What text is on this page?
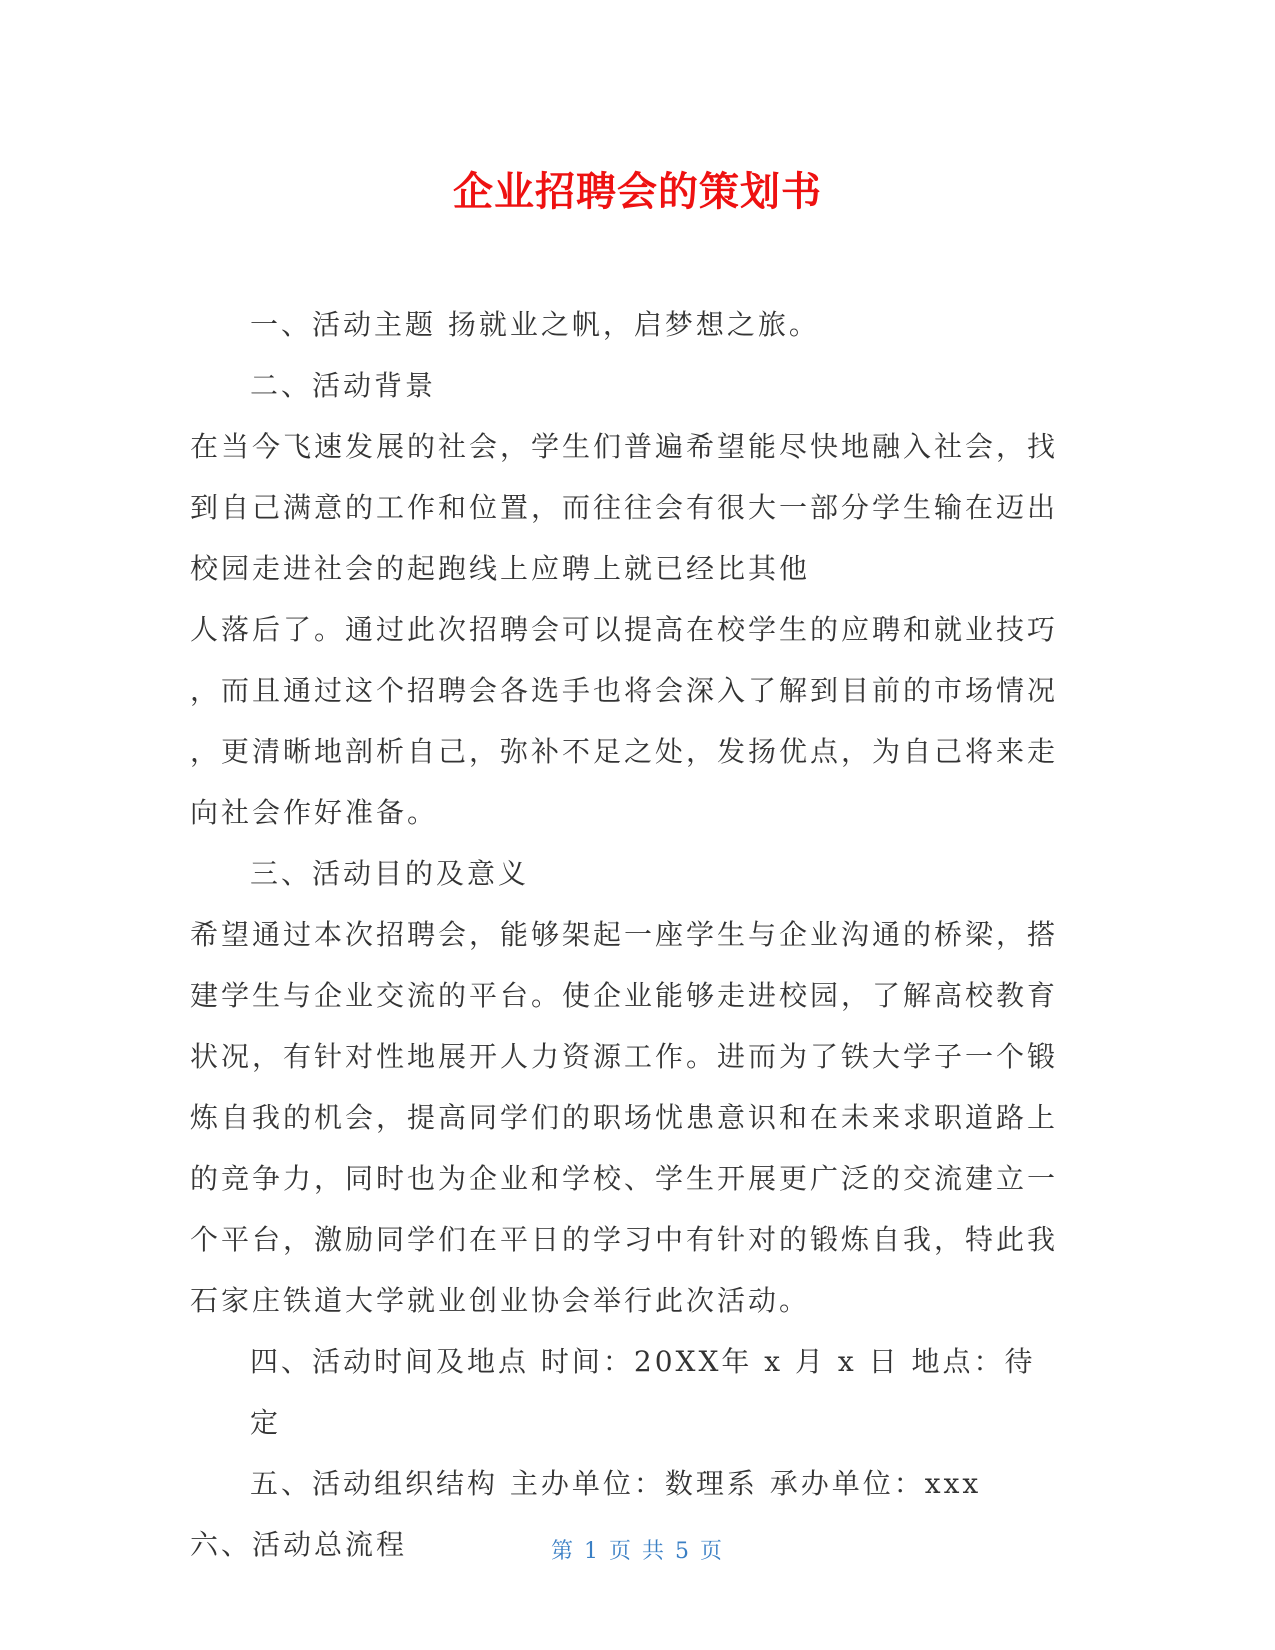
企业招聘会的策划书

一、活动主题 扬就业之帆，启梦想之旅。

二、活动背景

在当今飞速发展的社会，学生们普遍希望能尽快地融入社会，找

到自己满意的工作和位置，而往往会有很大一部分学生输在迈出

校园走进社会的起跑线上应聘上就已经比其他

人落后了。通过此次招聘会可以提高在校学生的应聘和就业技巧

，而且通过这个招聘会各选手也将会深入了解到目前的市场情况

，更清晰地剖析自己，弥补不足之处，发扬优点，为自己将来走

向社会作好准备。

三、活动目的及意义

希望通过本次招聘会，能够架起一座学生与企业沟通的桥梁，搭

建学生与企业交流的平台。使企业能够走进校园，了解高校教育

状况，有针对性地展开人力资源工作。进而为了铁大学子一个锻

炼自我的机会，提高同学们的职场忧患意识和在未来求职道路上

的竞争力，同时也为企业和学校、学生开展更广泛的交流建立一

个平台，激励同学们在平日的学习中有针对的锻炼自我，特此我

石家庄铁道大学就业创业协会举行此次活动。

四、活动时间及地点 时间：20XX年 x 月 x 日 地点：待定

五、活动组织结构 主办单位：数理系 承办单位：xxx

六、活动总流程	第 1 页 共 5 页
